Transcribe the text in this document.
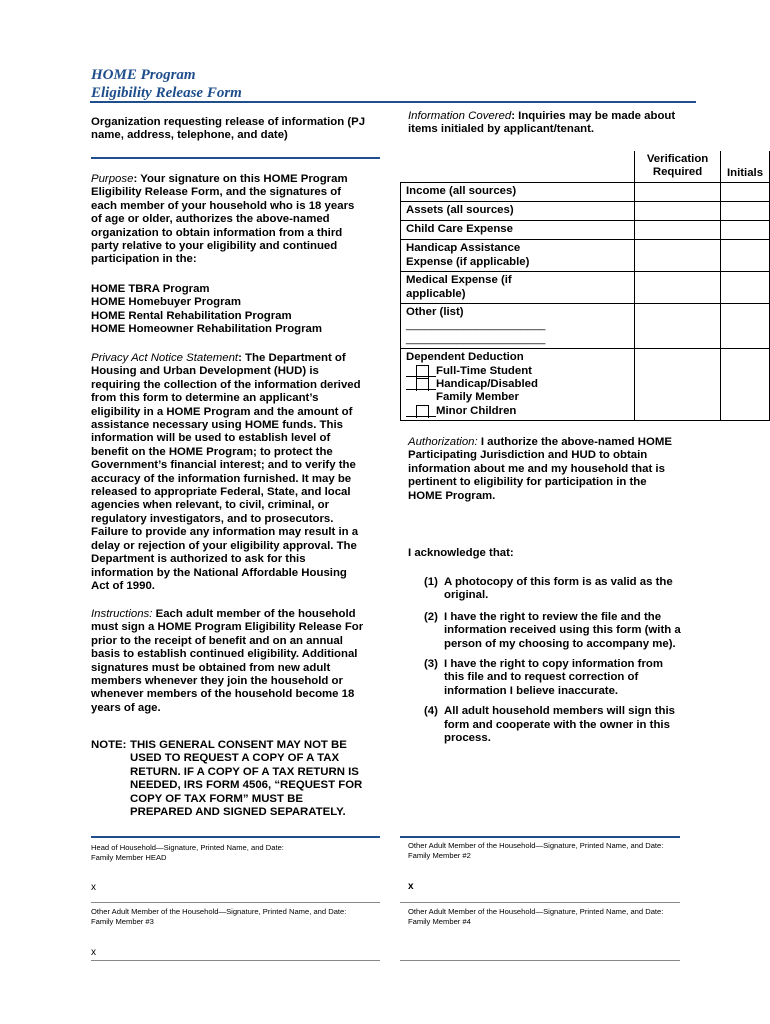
HOME Program
Eligibility Release Form
Organization requesting release of information (PJ name, address, telephone, and date)
Purpose: Your signature on this HOME Program Eligibility Release Form, and the signatures of each member of your household who is 18 years of age or older, authorizes the above-named organization to obtain information from a third party relative to your eligibility and continued participation in the:
HOME TBRA Program
HOME Homebuyer Program
HOME Rental Rehabilitation Program
HOME Homeowner Rehabilitation Program
Privacy Act Notice Statement: The Department of Housing and Urban Development (HUD) is requiring the collection of the information derived from this form to determine an applicant’s eligibility in a HOME Program and the amount of assistance necessary using HOME funds. This information will be used to establish level of benefit on the HOME Program; to protect the Government’s financial interest; and to verify the accuracy of the information furnished. It may be released to appropriate Federal, State, and local agencies when relevant, to civil, criminal, or regulatory investigators, and to prosecutors. Failure to provide any information may result in a delay or rejection of your eligibility approval. The Department is authorized to ask for this information by the National Affordable Housing Act of 1990.
Instructions: Each adult member of the household must sign a HOME Program Eligibility Release For prior to the receipt of benefit and on an annual basis to establish continued eligibility. Additional signatures must be obtained from new adult members whenever they join the household or whenever members of the household become 18 years of age.
NOTE: THIS GENERAL CONSENT MAY NOT BE USED TO REQUEST A COPY OF A TAX RETURN. IF A COPY OF A TAX RETURN IS NEEDED, IRS FORM 4506, “REQUEST FOR COPY OF TAX FORM” MUST BE PREPARED AND SIGNED SEPARATELY.
Information Covered: Inquiries may be made about items initialed by applicant/tenant.
	Verification Required	Initials
Income (all sources)		
Assets (all sources)		
Child Care Expense		

Handicap Assistance Expense (if applicable)		

Medical Expense (if applicable)		

Other (list)
______________________
______________________		

Dependent Deduction
Full-Time Student
Handicap/Disabled Family Member
Minor Children		

Authorization: I authorize the above-named HOME Participating Jurisdiction and HUD to obtain information about me and my household that is pertinent to eligibility for participation in the HOME Program.
I acknowledge that:
(1) A photocopy of this form is as valid as the original.
(2) I have the right to review the file and the information received using this form (with a person of my choosing to accompany me).
(3) I have the right to copy information from this file and to request correction of information I believe inaccurate.
(4) All adult household members will sign this form and cooperate with the owner in this process.
Head of Household—Signature, Printed Name, and Date:
Family Member HEAD
Other Adult Member of the Household—Signature, Printed Name, and Date:
Family Member #2
x	x
Other Adult Member of the Household—Signature, Printed Name, and Date:
Family Member #3
Other Adult Member of the Household—Signature, Printed Name, and Date:
Family Member #4
x
